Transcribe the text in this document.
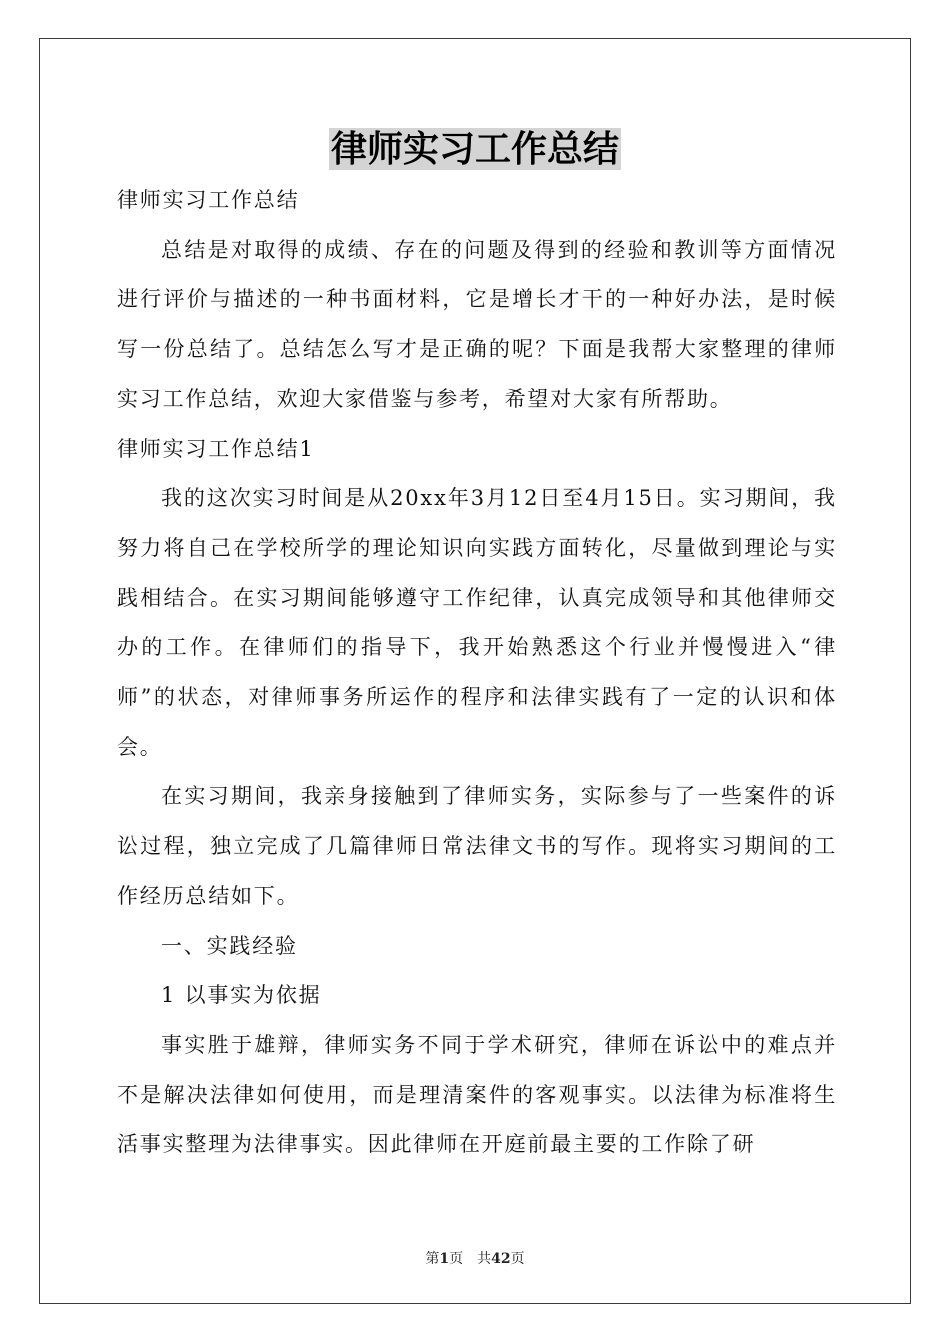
律师实习工作总结

律师实习工作总结

总结是对取得的成绩、存在的问题及得到的经验和教训等方面情况进行评价与描述的一种书面材料，它是增长才干的一种好办法，是时候写一份总结了。总结怎么写才是正确的呢？下面是我帮大家整理的律师实习工作总结，欢迎大家借鉴与参考，希望对大家有所帮助。

律师实习工作总结1

我的这次实习时间是从20xx年3月12日至4月15日。实习期间，我努力将自己在学校所学的理论知识向实践方面转化，尽量做到理论与实践相结合。在实习期间能够遵守工作纪律，认真完成领导和其他律师交办的工作。在律师们的指导下，我开始熟悉这个行业并慢慢进入“律师”的状态，对律师事务所运作的程序和法律实践有了一定的认识和体会。

在实习期间，我亲身接触到了律师实务，实际参与了一些案件的诉讼过程，独立完成了几篇律师日常法律文书的写作。现将实习期间的工作经历总结如下。

一、实践经验

1 以事实为依据

事实胜于雄辩，律师实务不同于学术研究，律师在诉讼中的难点并不是解决法律如何使用，而是理清案件的客观事实。以法律为标准将生活事实整理为法律事实。因此律师在开庭前最主要的工作除了研

第1页 共42页
